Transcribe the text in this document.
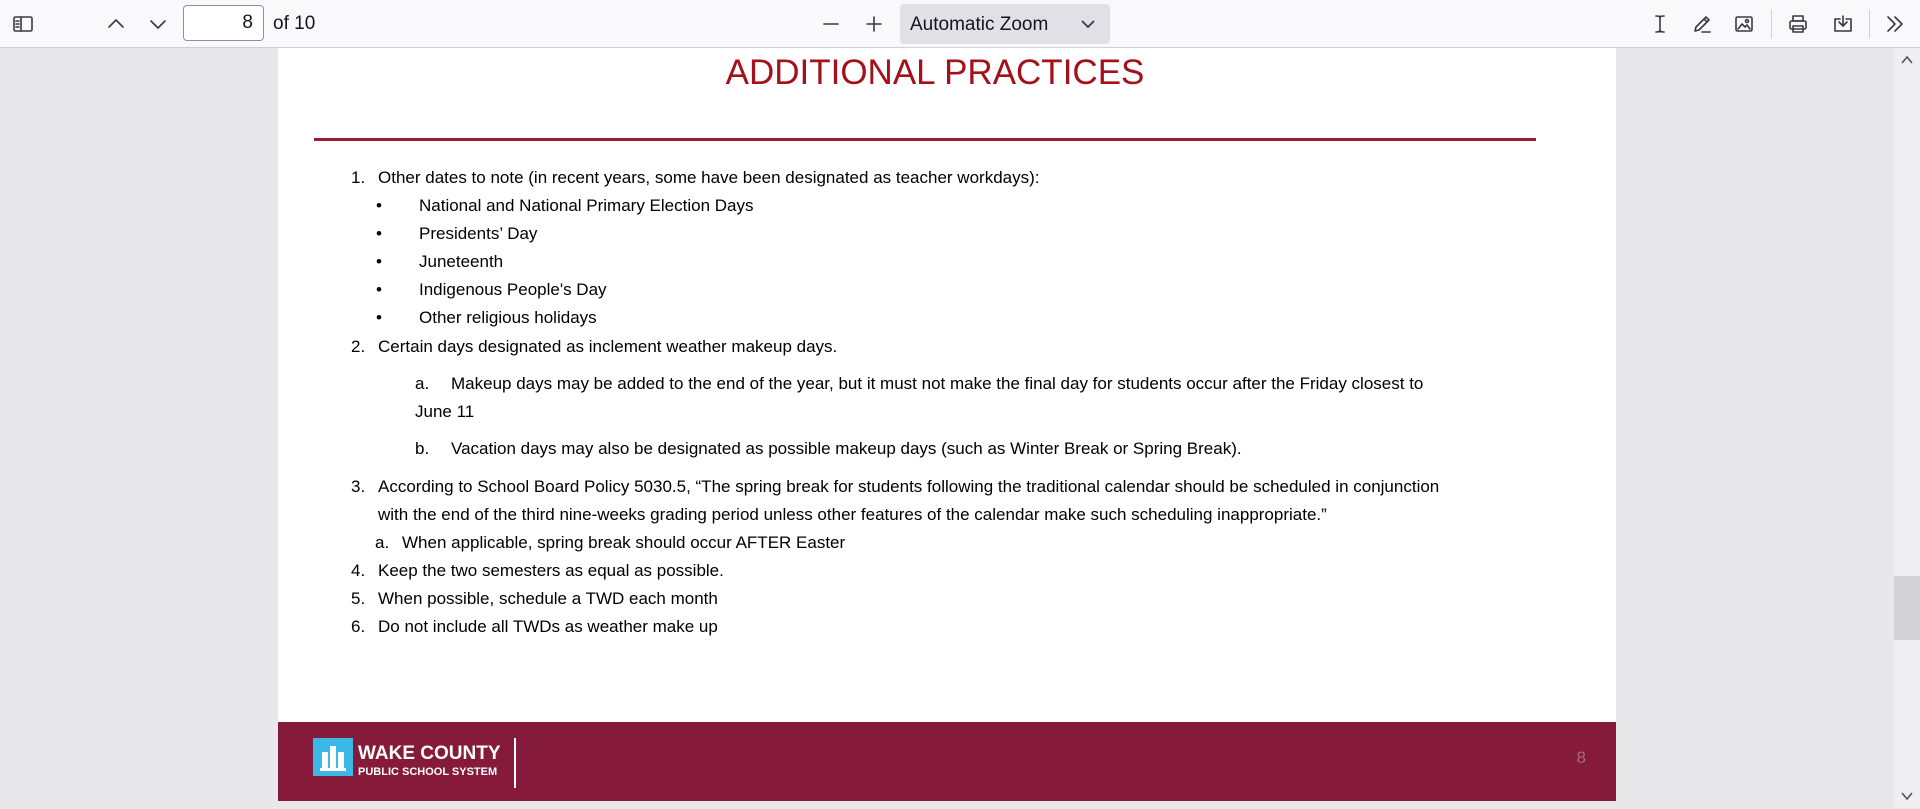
8
of 10	Automatic Zoom
ADDITIONAL PRACTICES
1. Other dates to note (in recent years, some have been designated as teacher workdays):
• National and National Primary Election Days
• Presidents’ Day
• Juneteenth
• Indigenous People's Day
• Other religious holidays
2. Certain days designated as inclement weather makeup days.
a. Makeup days may be added to the end of the year, but it must not make the final day for students occur after the Friday closest to
June 11
b. Vacation days may also be designated as possible makeup days (such as Winter Break or Spring Break).
3. According to School Board Policy 5030.5, “The spring break for students following the traditional calendar should be scheduled in conjunction
with the end of the third nine-weeks grading period unless other features of the calendar make such scheduling inappropriate.”
a. When applicable, spring break should occur AFTER Easter
4. Keep the two semesters as equal as possible.
5. When possible, schedule a TWD each month
6. Do not include all TWDs as weather make up
WAKE COUNTY
PUBLIC SCHOOL SYSTEM
8
